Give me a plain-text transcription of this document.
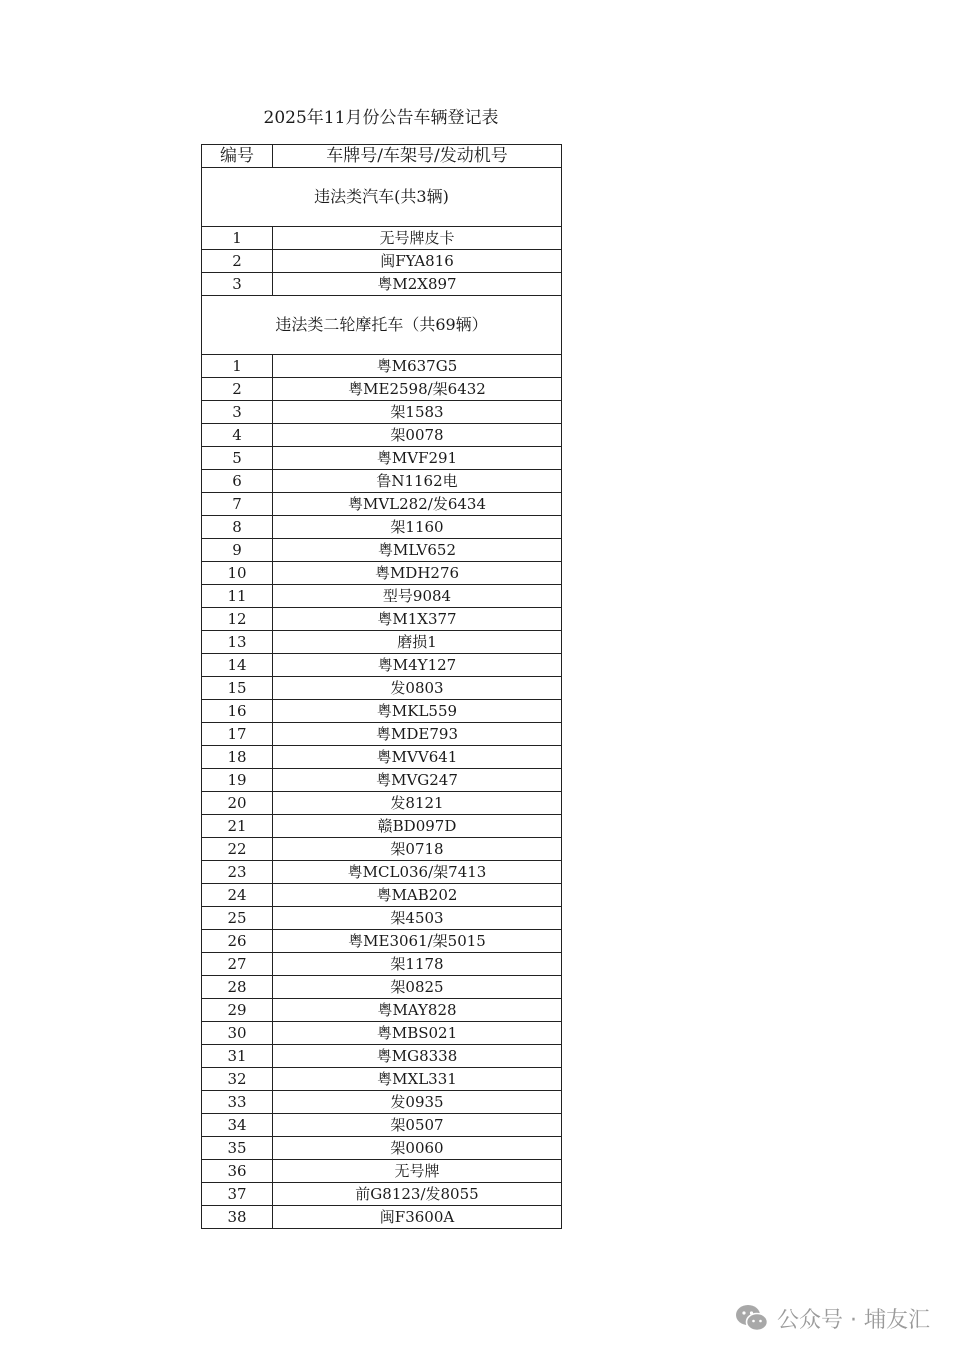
2025年11月份公告车辆登记表
编号	车牌号/车架号/发动机号
违法类汽车(共3辆)	
1	无号牌皮卡
2	闽FYA816
3	粤M2X897
违法类二轮摩托车（共69辆）	
1	粤M637G5
2	粤ME2598/架6432
3	架1583
4	架0078
5	粤MVF291
6	鲁N1162电
7	粤MVL282/发6434
8	架1160
9	粤MLV652
10	粤MDH276
11	型号9084
12	粤M1X377
13	磨损1
14	粤M4Y127
15	发0803
16	粤MKL559
17	粤MDE793
18	粤MVV641
19	粤MVG247
20	发8121
21	赣BD097D
22	架0718
23	粤MCL036/架7413
24	粤MAB202
25	架4503
26	粤ME3061/架5015
27	架1178
28	架0825
29	粤MAY828
30	粤MBS021
31	粤MG8338
32	粤MXL331
33	发0935
34	架0507
35	架0060
36	无号牌
37	前G8123/发8055
38	闽F3600A
公众号 · 埔友汇
